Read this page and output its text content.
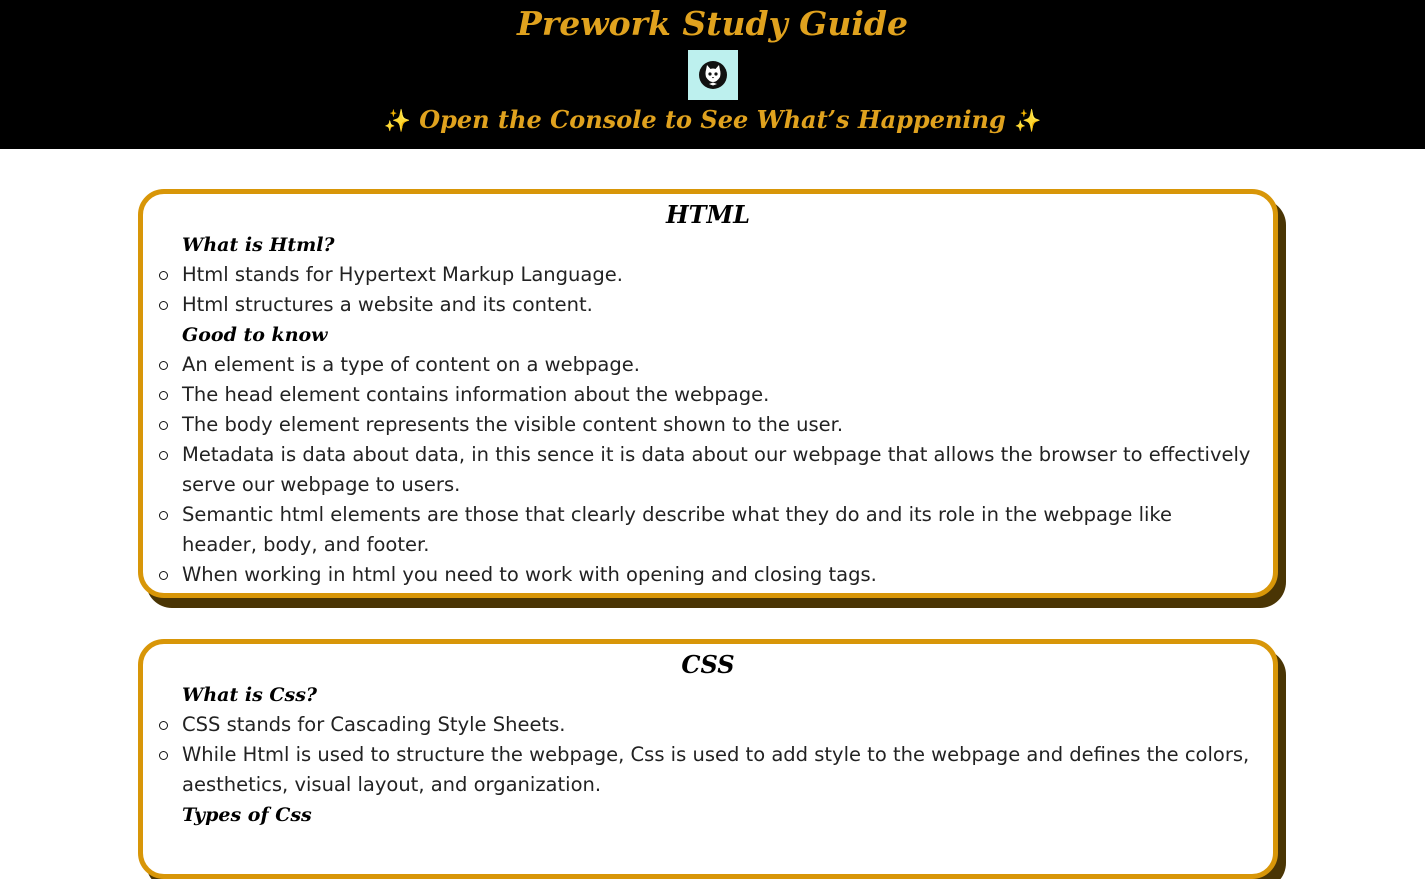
Prework Study Guide
✨ Open the Console to See What’s Happening ✨
HTML
What is Html?
Html stands for Hypertext Markup Language.
Html structures a website and its content.
Good to know
An element is a type of content on a webpage.
The head element contains information about the webpage.
The body element represents the visible content shown to the user.
Metadata is data about data, in this sence it is data about our webpage that allows the browser to effectively serve our webpage to users.
Semantic html elements are those that clearly describe what they do and its role in the webpage like header, body, and footer.
When working in html you need to work with opening and closing tags.
CSS
What is Css?
CSS stands for Cascading Style Sheets.
While Html is used to structure the webpage, Css is used to add style to the webpage and defines the colors, aesthetics, visual layout, and organization.
Types of Css
